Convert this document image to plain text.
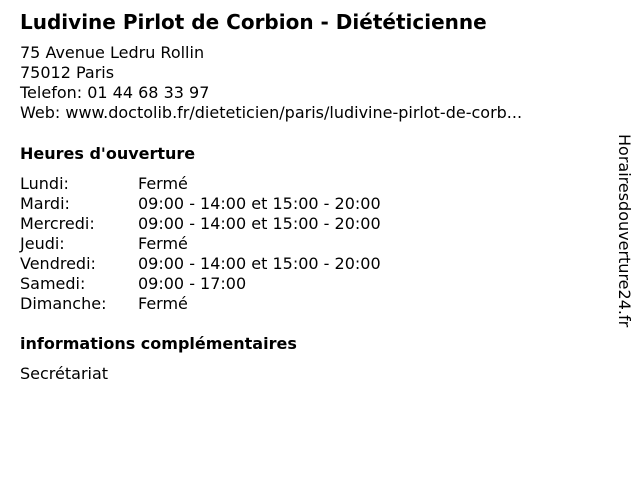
Ludivine Pirlot de Corbion - Diététicienne
75 Avenue Ledru Rollin
75012 Paris
Telefon: 01 44 68 33 97
Web: www.doctolib.fr/dieteticien/paris/ludivine-pirlot-de-corb...
Heures d'ouverture
Lundi:	Fermé
Mardi:	09:00 - 14:00 et 15:00 - 20:00
Mercredi:	09:00 - 14:00 et 15:00 - 20:00
Jeudi:	Fermé
Vendredi:	09:00 - 14:00 et 15:00 - 20:00
Samedi:	09:00 - 17:00
Dimanche:	Fermé
informations complémentaires
Secrétariat
Horairesdouverture24.fr
